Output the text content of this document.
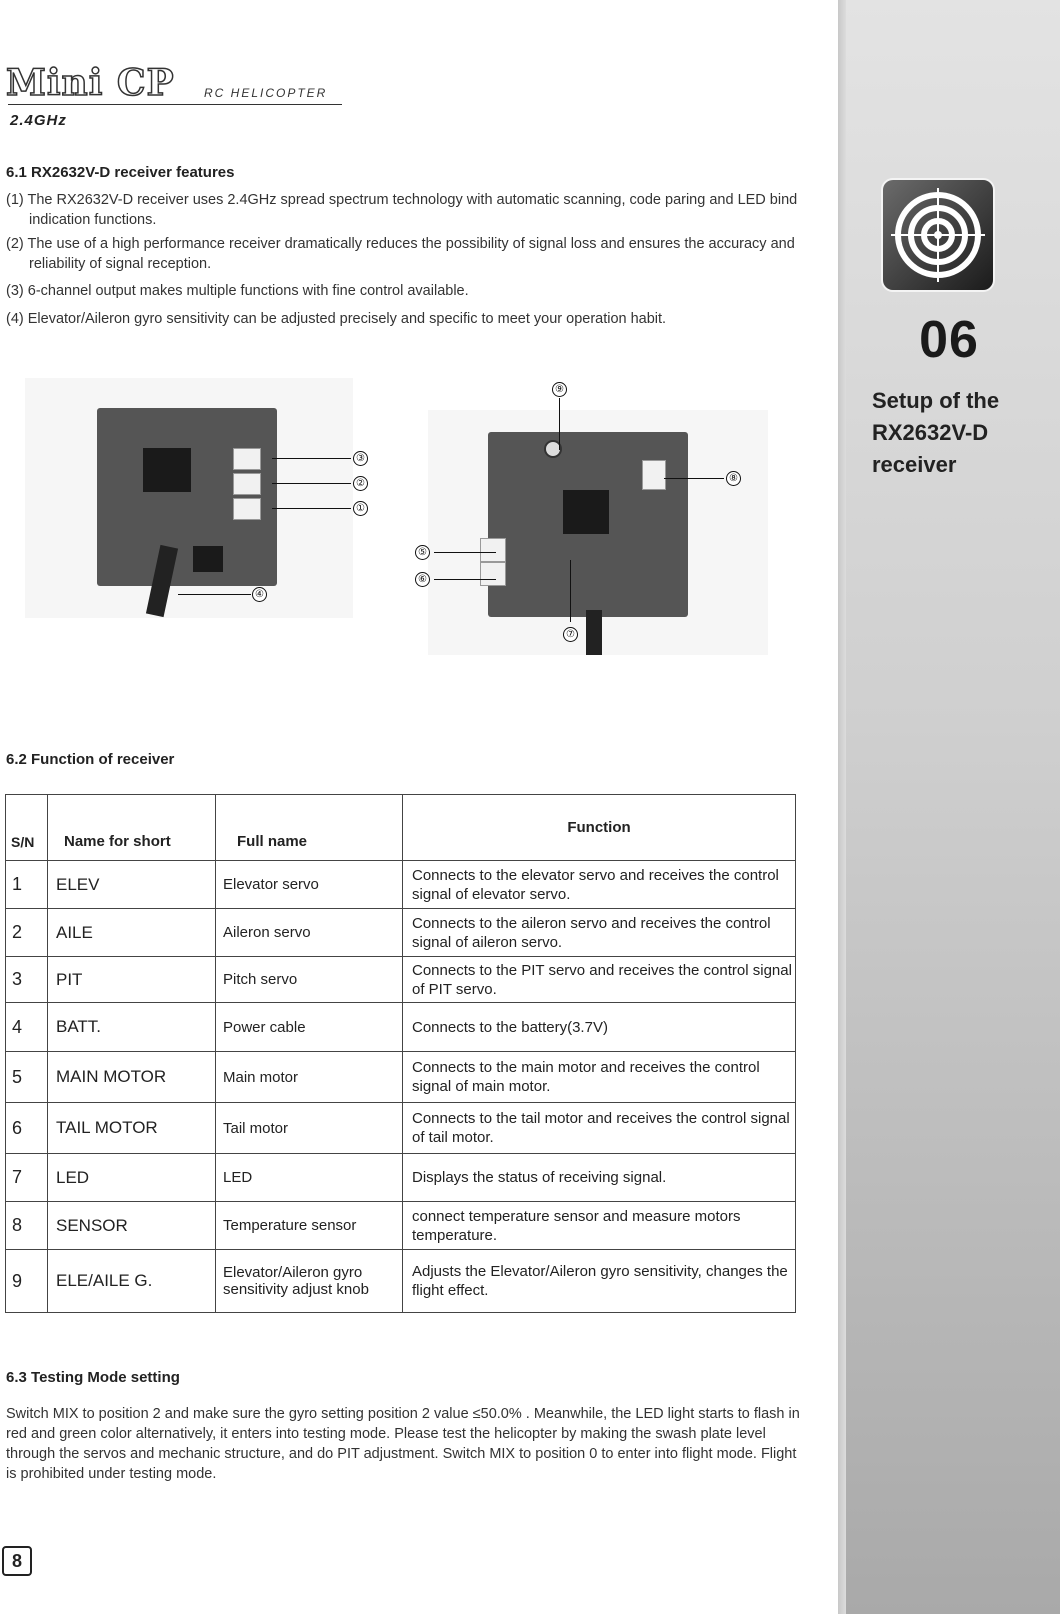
06
Setup of the RX2632V-D receiver
Mini CP RC HELICOPTER
2.4GHz
6.1 RX2632V-D receiver features
(1) The RX2632V-D receiver uses 2.4GHz spread spectrum technology with automatic scanning, code paring and LED bind indication functions.
(2) The use of a high performance receiver dramatically reduces the possibility of signal loss and ensures the accuracy and reliability of signal reception.
(3) 6-channel output makes multiple functions with fine control available.
(4) Elevator/Aileron gyro sensitivity can be adjusted precisely and specific to meet your operation habit.
③
②
①
④
⑨
⑧
⑤
⑥
⑦
6.2 Function of receiver
S/N	Name for short	Full name	Function
1	ELEV	Elevator servo	Connects to the elevator servo and receives the control signal of elevator servo.
2	AILE	Aileron servo	Connects to the aileron servo and receives the control signal of aileron servo.
3	PIT	Pitch servo	Connects to the PIT servo and receives the control signal of PIT servo.
4	BATT.	Power cable	Connects to the battery(3.7V)
5	MAIN MOTOR	Main motor	Connects to the main motor and receives the control signal of main motor.
6	TAIL MOTOR	Tail motor	Connects to the tail motor and receives the control signal of tail motor.
7	LED	LED	Displays the status of receiving signal.
8	SENSOR	Temperature sensor	connect temperature sensor and measure motors temperature.
9	ELE/AILE G.	Elevator/Aileron gyro sensitivity adjust knob	Adjusts the Elevator/Aileron gyro sensitivity, changes the flight effect.
6.3 Testing Mode setting
Switch MIX to position 2 and make sure the gyro setting position 2 value ≤50.0% . Meanwhile, the LED light starts to flash in red and green color alternatively, it enters into testing mode. Please test the helicopter by making the swash plate level through the servos and mechanic structure, and do PIT adjustment. Switch MIX to position 0 to enter into flight mode. Flight is prohibited under testing mode.
8
